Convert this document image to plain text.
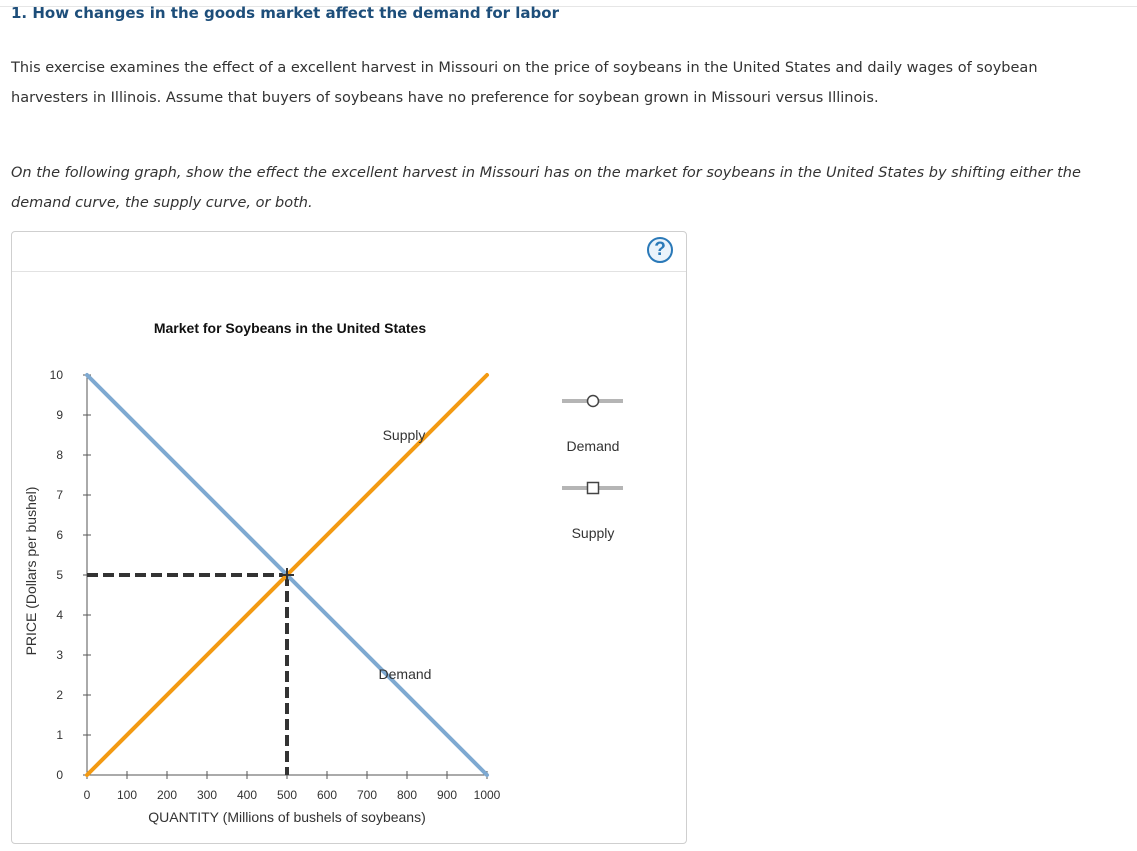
1. How changes in the goods market affect the demand for labor

This exercise examines the effect of a excellent harvest in Missouri on the price of soybeans in the United States and daily wages of soybean harvesters in Illinois. Assume that buyers of soybeans have no preference for soybean grown in Missouri versus Illinois.

On the following graph, show the effect the excellent harvest in Missouri has on the market for soybeans in the United States by shifting either the demand curve, the supply curve, or both.

?
Market for Soybeans in the United States
0
1
2
3
4
5
6
7
8
9
10
0 100 200 300 400 500 600 700 800 900 1000
Supply
Demand
Demand
Supply
QUANTITY (Millions of bushels of soybeans)
PRICE (Dollars per bushel)
